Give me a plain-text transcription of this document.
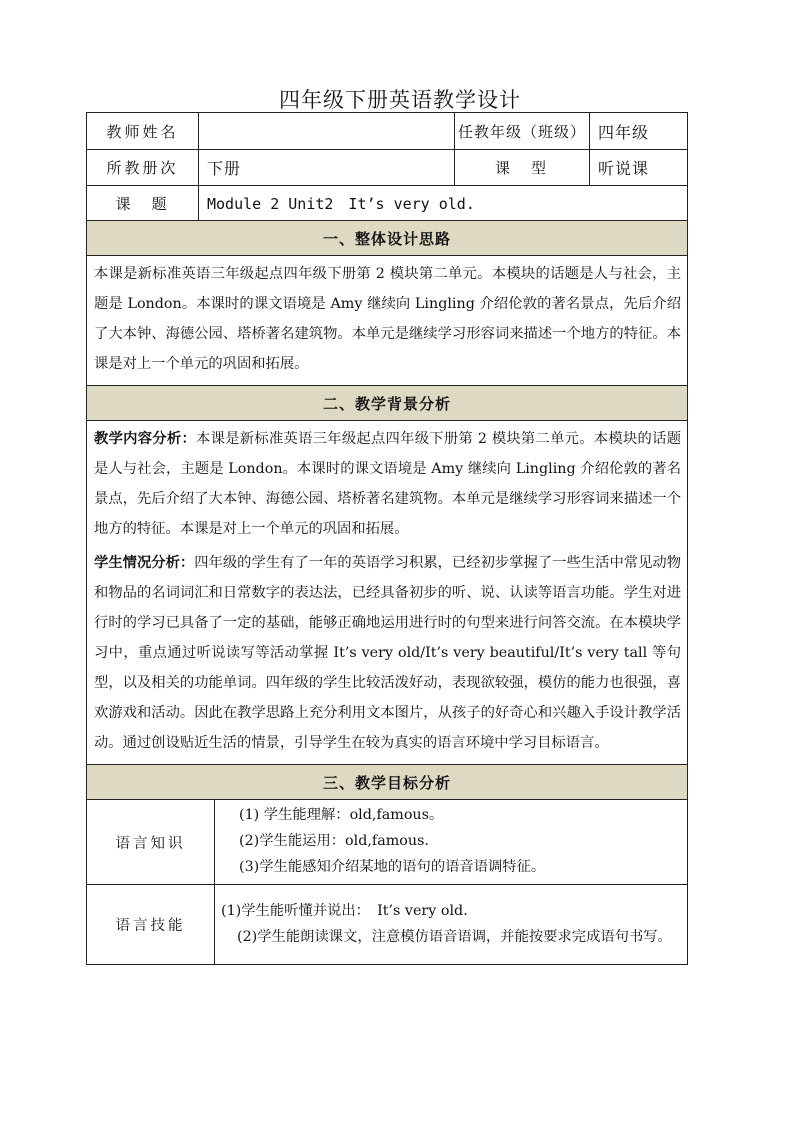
四年级下册英语教学设计
教师姓名			任教年级（班级）	四年级
所教册次	下册		课　型	听说课
课　题	Module 2 Unit2　It’s very old.			
一、整体设计思路				

本课是新标准英语三年级起点四年级下册第 2 模块第二单元。本模块的话题是人与社会，主题是 London。本课时的课文语境是 Amy 继续向 Lingling 介绍伦敦的著名景点，先后介绍了大本钟、海德公园、塔桥著名建筑物。本单元是继续学习形容词来描述一个地方的特征。本课是对上一个单元的巩固和拓展。				

二、教学背景分析				

教学内容分析：本课是新标准英语三年级起点四年级下册第 2 模块第二单元。本模块的话题是人与社会，主题是 London。本课时的课文语境是 Amy 继续向 Lingling 介绍伦敦的著名景点，先后介绍了大本钟、海德公园、塔桥著名建筑物。本单元是继续学习形容词来描述一个地方的特征。本课是对上一个单元的巩固和拓展。

学生情况分析：四年级的学生有了一年的英语学习积累，已经初步掌握了一些生活中常见动物和物品的名词词汇和日常数字的表达法，已经具备初步的听、说、认读等语言功能。学生对进行时的学习已具备了一定的基础，能够正确地运用进行时的句型来进行问答交流。在本模块学习中，重点通过听说读写等活动掌握 It’s very old/It’s very beautiful/It’s very tall 等句型，以及相关的功能单词。四年级的学生比较活泼好动，表现欲较强，模仿的能力也很强，喜欢游戏和活动。因此在教学思路上充分利用文本图片，从孩子的好奇心和兴趣入手设计教学活动。通过创设贴近生活的情景，引导学生在较为真实的语言环境中学习目标语言。				

三、教学目标分析				
语言知识		(1) 学生能理解：old,famous。
(2)学生能运用：old,famous.
(3)学生能感知介绍某地的语句的语音语调特征。		

语言技能		(1)学生能听懂并说出：　It’s very old.
(2)学生能朗读课文，注意模仿语音语调，并能按要求完成语句书写。		
